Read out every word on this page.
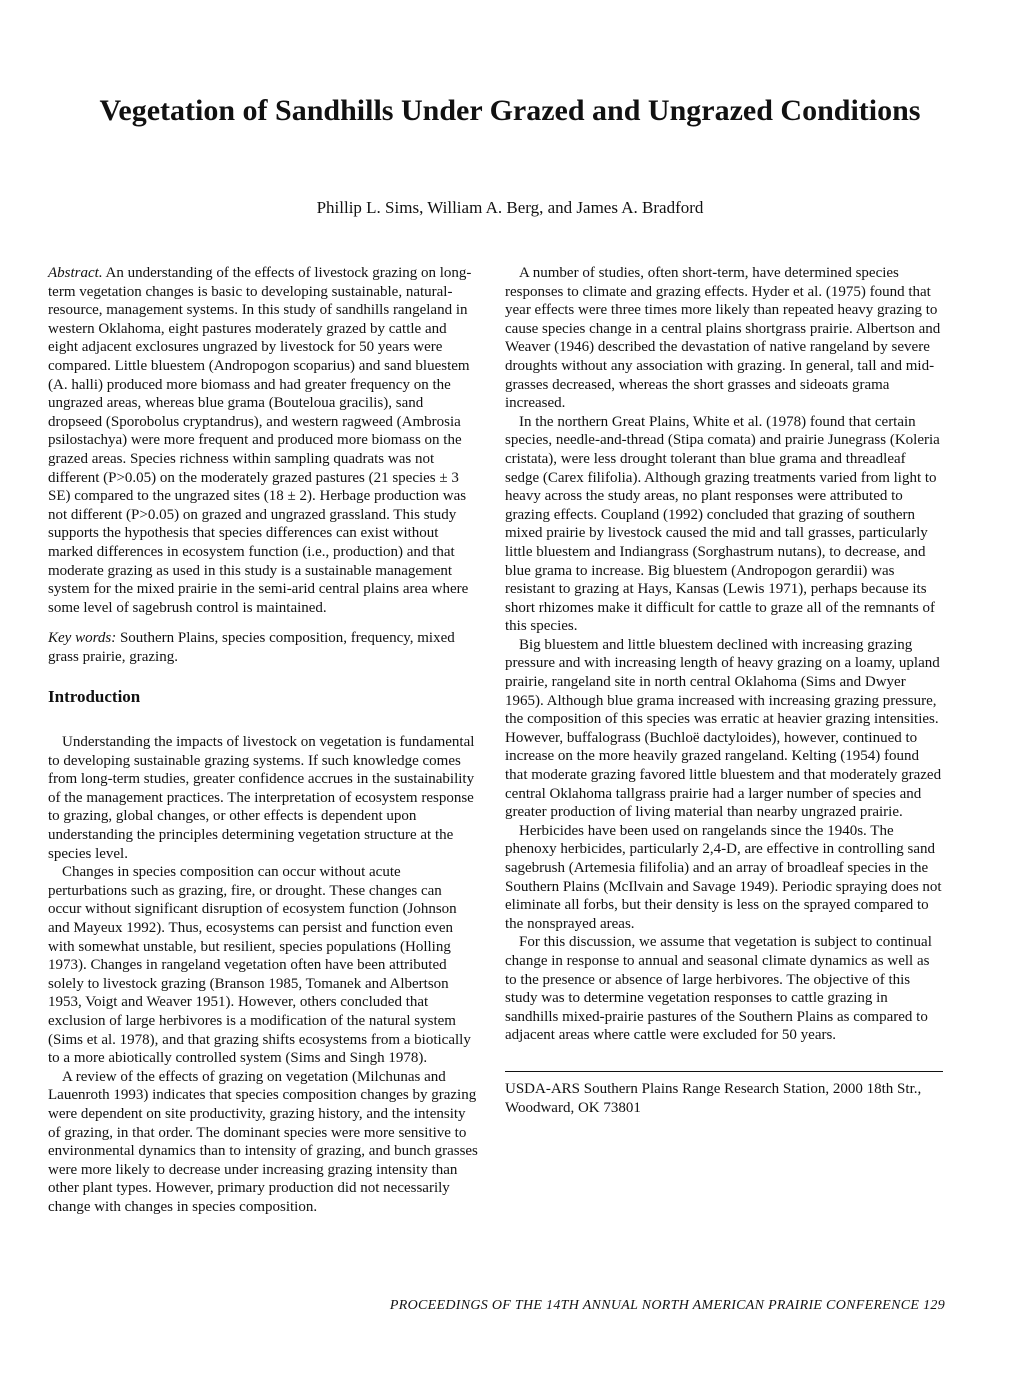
Vegetation of Sandhills Under Grazed and Ungrazed Conditions

Phillip L. Sims, William A. Berg, and James A. Bradford

Abstract. An understanding of the effects of livestock grazing on long-term vegetation changes is basic to developing sustainable, natural-resource, management systems. In this study of sandhills rangeland in western Oklahoma, eight pastures moderately grazed by cattle and eight adjacent exclosures ungrazed by livestock for 50 years were compared. Little bluestem (Andropogon scoparius) and sand bluestem (A. halli) produced more biomass and had greater frequency on the ungrazed areas, whereas blue grama (Bouteloua gracilis), sand dropseed (Sporobolus cryptandrus), and western ragweed (Ambrosia psilostachya) were more frequent and produced more biomass on the grazed areas. Species richness within sampling quadrats was not different (P>0.05) on the moderately grazed pastures (21 species ± 3 SE) compared to the ungrazed sites (18 ± 2). Herbage production was not different (P>0.05) on grazed and ungrazed grassland. This study supports the hypothesis that species differences can exist without marked differences in ecosystem function (i.e., production) and that moderate grazing as used in this study is a sustainable management system for the mixed prairie in the semi-arid central plains area where some level of sagebrush control is maintained.

Key words: Southern Plains, species composition, frequency, mixed grass prairie, grazing.

Introduction

Understanding the impacts of livestock on vegetation is fundamental to developing sustainable grazing systems. If such knowledge comes from long-term studies, greater confidence accrues in the sustainability of the management practices. The interpretation of ecosystem response to grazing, global changes, or other effects is dependent upon understanding the principles determining vegetation structure at the species level.

Changes in species composition can occur without acute perturbations such as grazing, fire, or drought. These changes can occur without significant disruption of ecosystem function (Johnson and Mayeux 1992). Thus, ecosystems can persist and function even with somewhat unstable, but resilient, species populations (Holling 1973). Changes in rangeland vegetation often have been attributed solely to livestock grazing (Branson 1985, Tomanek and Albertson 1953, Voigt and Weaver 1951). However, others concluded that exclusion of large herbivores is a modification of the natural system (Sims et al. 1978), and that grazing shifts ecosystems from a biotically to a more abiotically controlled system (Sims and Singh 1978).

A review of the effects of grazing on vegetation (Milchunas and Lauenroth 1993) indicates that species composition changes by grazing were dependent on site productivity, grazing history, and the intensity of grazing, in that order. The dominant species were more sensitive to environmental dynamics than to intensity of grazing, and bunch grasses were more likely to decrease under increasing grazing intensity than other plant types. However, primary production did not necessarily change with changes in species composition.

A number of studies, often short-term, have determined species responses to climate and grazing effects. Hyder et al. (1975) found that year effects were three times more likely than repeated heavy grazing to cause species change in a central plains shortgrass prairie. Albertson and Weaver (1946) described the devastation of native rangeland by severe droughts without any association with grazing. In general, tall and mid-grasses decreased, whereas the short grasses and sideoats grama increased.

In the northern Great Plains, White et al. (1978) found that certain species, needle-and-thread (Stipa comata) and prairie Junegrass (Koleria cristata), were less drought tolerant than blue grama and threadleaf sedge (Carex filifolia). Although grazing treatments varied from light to heavy across the study areas, no plant responses were attributed to grazing effects. Coupland (1992) concluded that grazing of southern mixed prairie by livestock caused the mid and tall grasses, particularly little bluestem and Indiangrass (Sorghastrum nutans), to decrease, and blue grama to increase. Big bluestem (Andropogon gerardii) was resistant to grazing at Hays, Kansas (Lewis 1971), perhaps because its short rhizomes make it difficult for cattle to graze all of the remnants of this species.

Big bluestem and little bluestem declined with increasing grazing pressure and with increasing length of heavy grazing on a loamy, upland prairie, rangeland site in north central Oklahoma (Sims and Dwyer 1965). Although blue grama increased with increasing grazing pressure, the composition of this species was erratic at heavier grazing intensities. However, buffalograss (Buchloë dactyloides), however, continued to increase on the more heavily grazed rangeland. Kelting (1954) found that moderate grazing favored little bluestem and that moderately grazed central Oklahoma tallgrass prairie had a larger number of species and greater production of living material than nearby ungrazed prairie.

Herbicides have been used on rangelands since the 1940s. The phenoxy herbicides, particularly 2,4-D, are effective in controlling sand sagebrush (Artemesia filifolia) and an array of broadleaf species in the Southern Plains (McIlvain and Savage 1949). Periodic spraying does not eliminate all forbs, but their density is less on the sprayed compared to the nonsprayed areas.

For this discussion, we assume that vegetation is subject to continual change in response to annual and seasonal climate dynamics as well as to the presence or absence of large herbivores. The objective of this study was to determine vegetation responses to cattle grazing in sandhills mixed-prairie pastures of the Southern Plains as compared to adjacent areas where cattle were excluded for 50 years.

USDA-ARS Southern Plains Range Research Station, 2000 18th Str., Woodward, OK 73801

PROCEEDINGS OF THE 14TH ANNUAL NORTH AMERICAN PRAIRIE CONFERENCE 129
